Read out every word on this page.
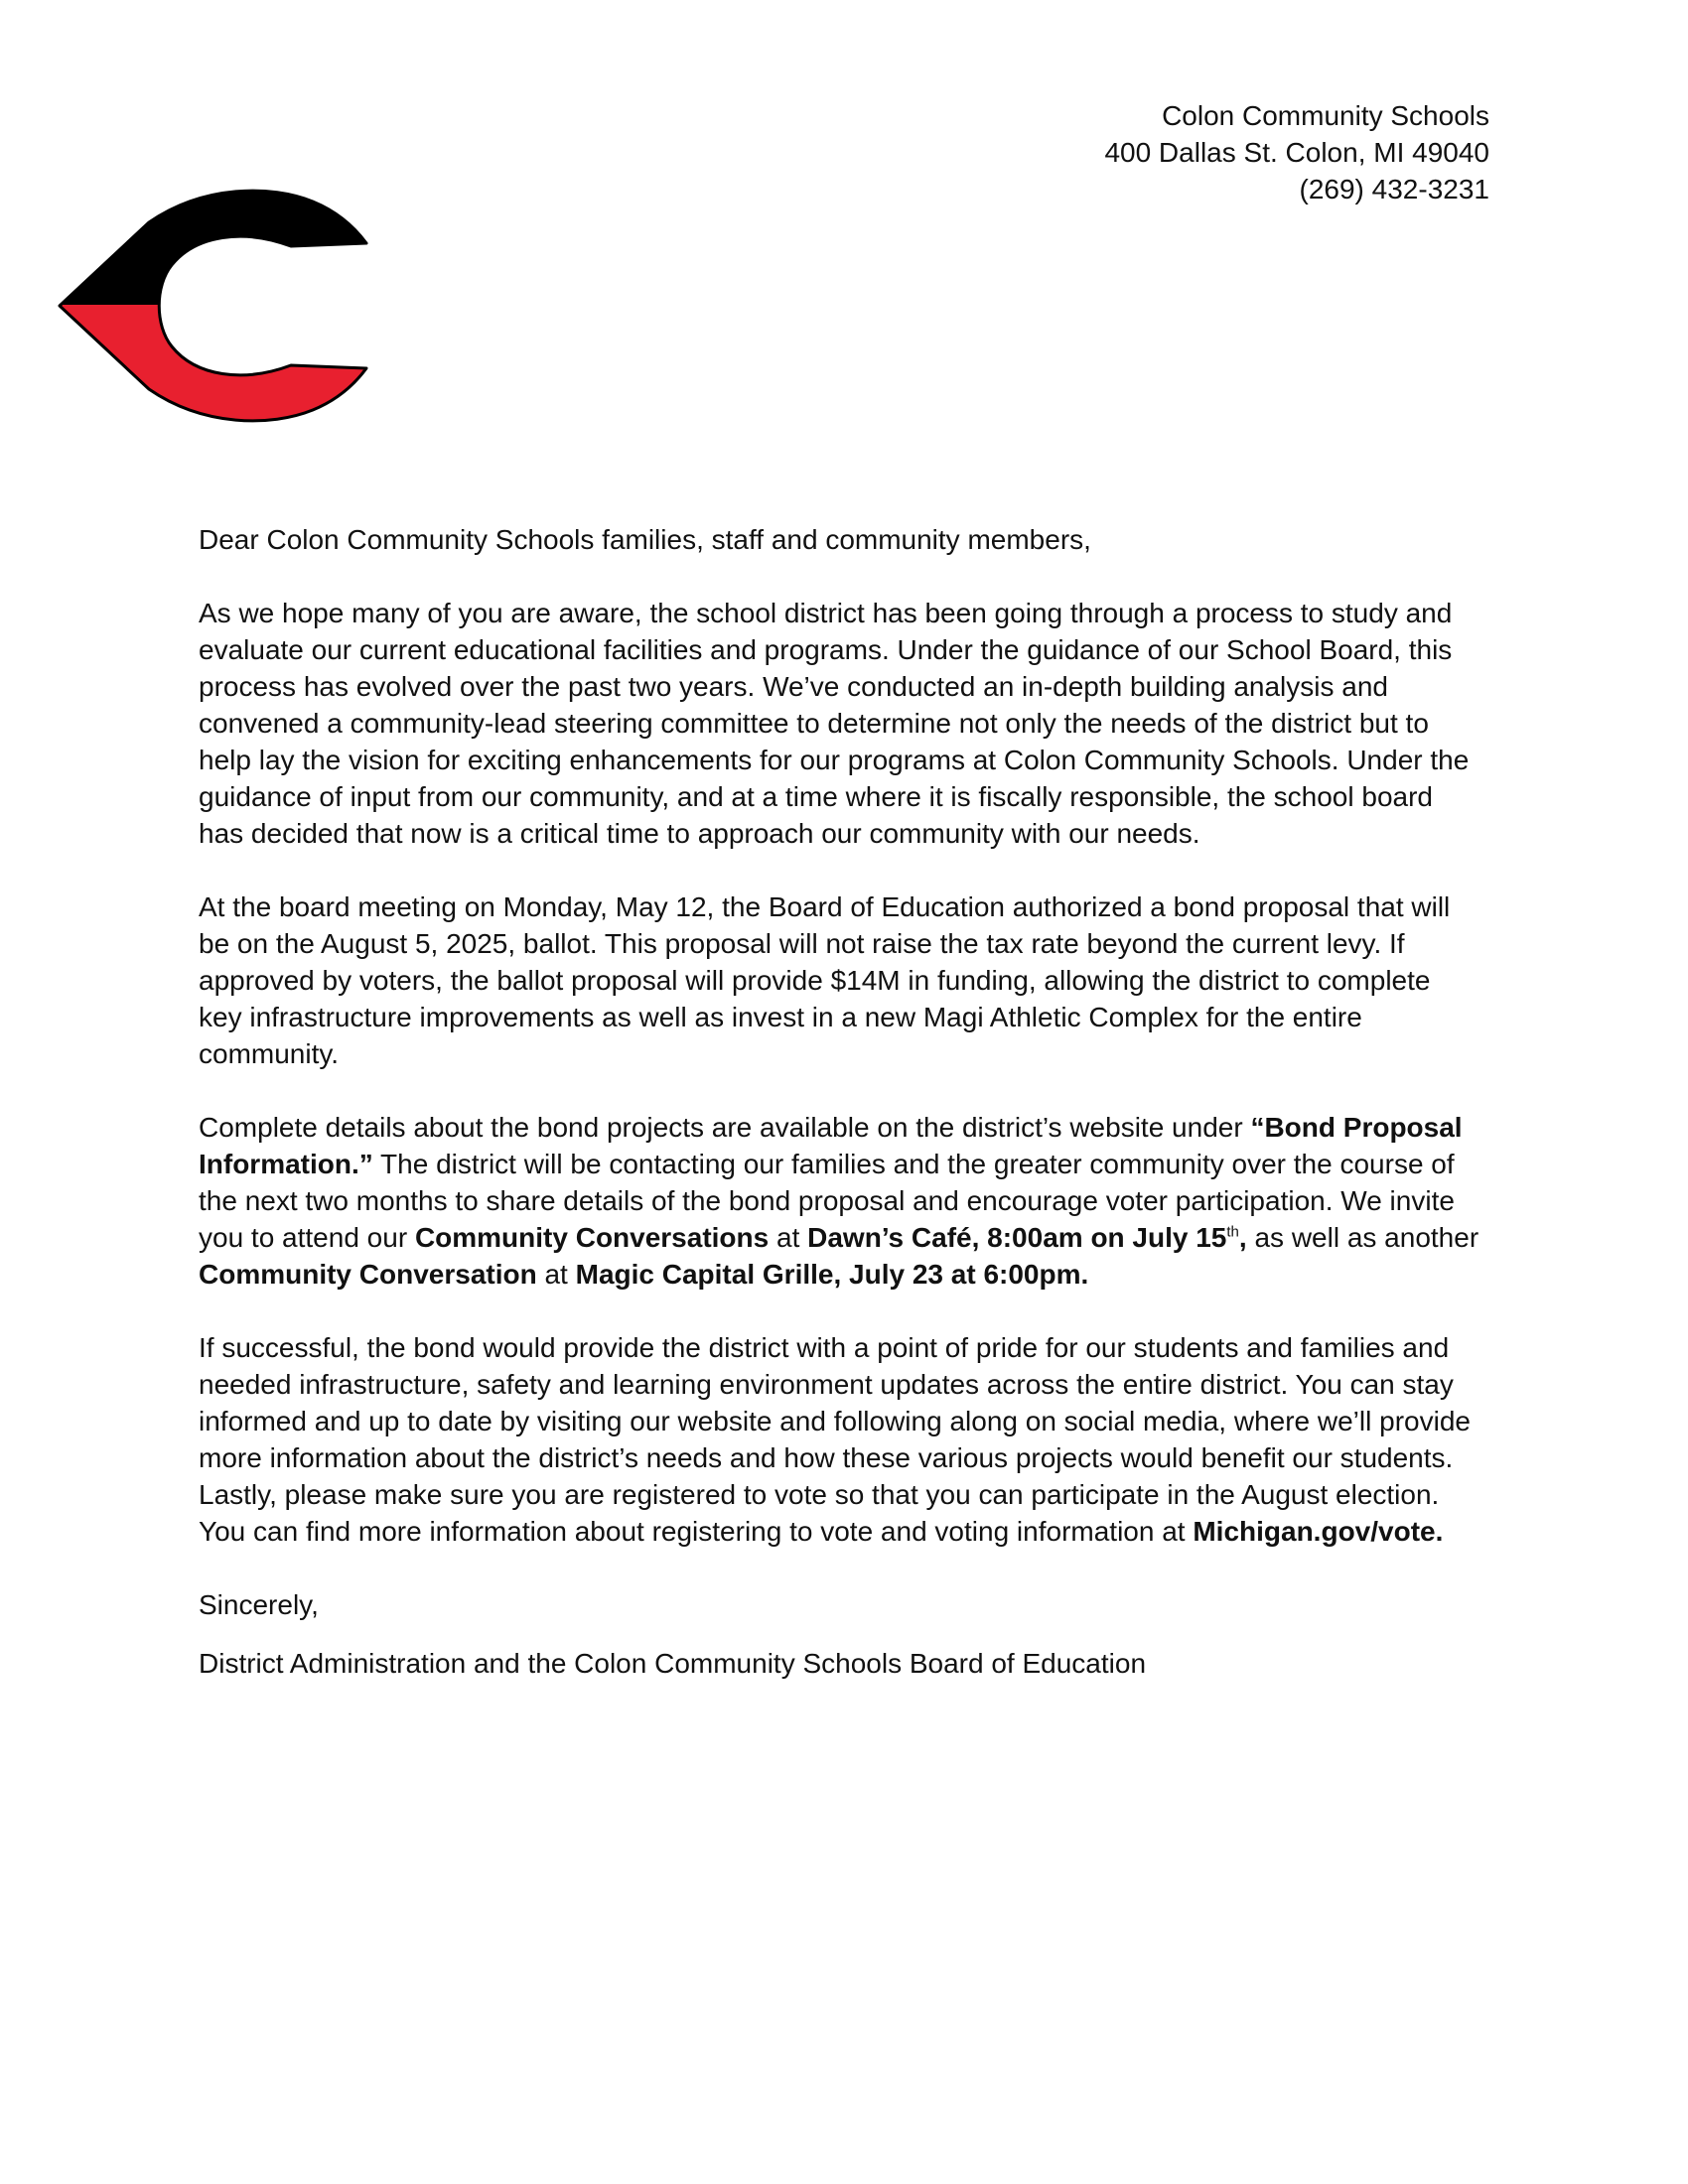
Colon Community Schools
400 Dallas St. Colon, MI 49040
(269) 432-3231

Dear Colon Community Schools families, staff and community members,

As we hope many of you are aware, the school district has been going through a process to study and evaluate our current educational facilities and programs. Under the guidance of our School Board, this process has evolved over the past two years. We’ve conducted an in-depth building analysis and convened a community-lead steering committee to determine not only the needs of the district but to help lay the vision for exciting enhancements for our programs at Colon Community Schools. Under the guidance of input from our community, and at a time where it is fiscally responsible, the school board has decided that now is a critical time to approach our community with our needs.

At the board meeting on Monday, May 12, the Board of Education authorized a bond proposal that will be on the August 5, 2025, ballot. This proposal will not raise the tax rate beyond the current levy. If approved by voters, the ballot proposal will provide $14M in funding, allowing the district to complete key infrastructure improvements as well as invest in a new Magi Athletic Complex for the entire community.

Complete details about the bond projects are available on the district’s website under “Bond Proposal Information.” The district will be contacting our families and the greater community over the course of the next two months to share details of the bond proposal and encourage voter participation. We invite you to attend our Community Conversations at Dawn’s Café, 8:00am on July 15th, as well as another Community Conversation at Magic Capital Grille, July 23 at 6:00pm.

If successful, the bond would provide the district with a point of pride for our students and families and needed infrastructure, safety and learning environment updates across the entire district. You can stay informed and up to date by visiting our website and following along on social media, where we’ll provide more information about the district’s needs and how these various projects would benefit our students. Lastly, please make sure you are registered to vote so that you can participate in the August election. You can find more information about registering to vote and voting information at Michigan.gov/vote.

Sincerely,

District Administration and the Colon Community Schools Board of Education
